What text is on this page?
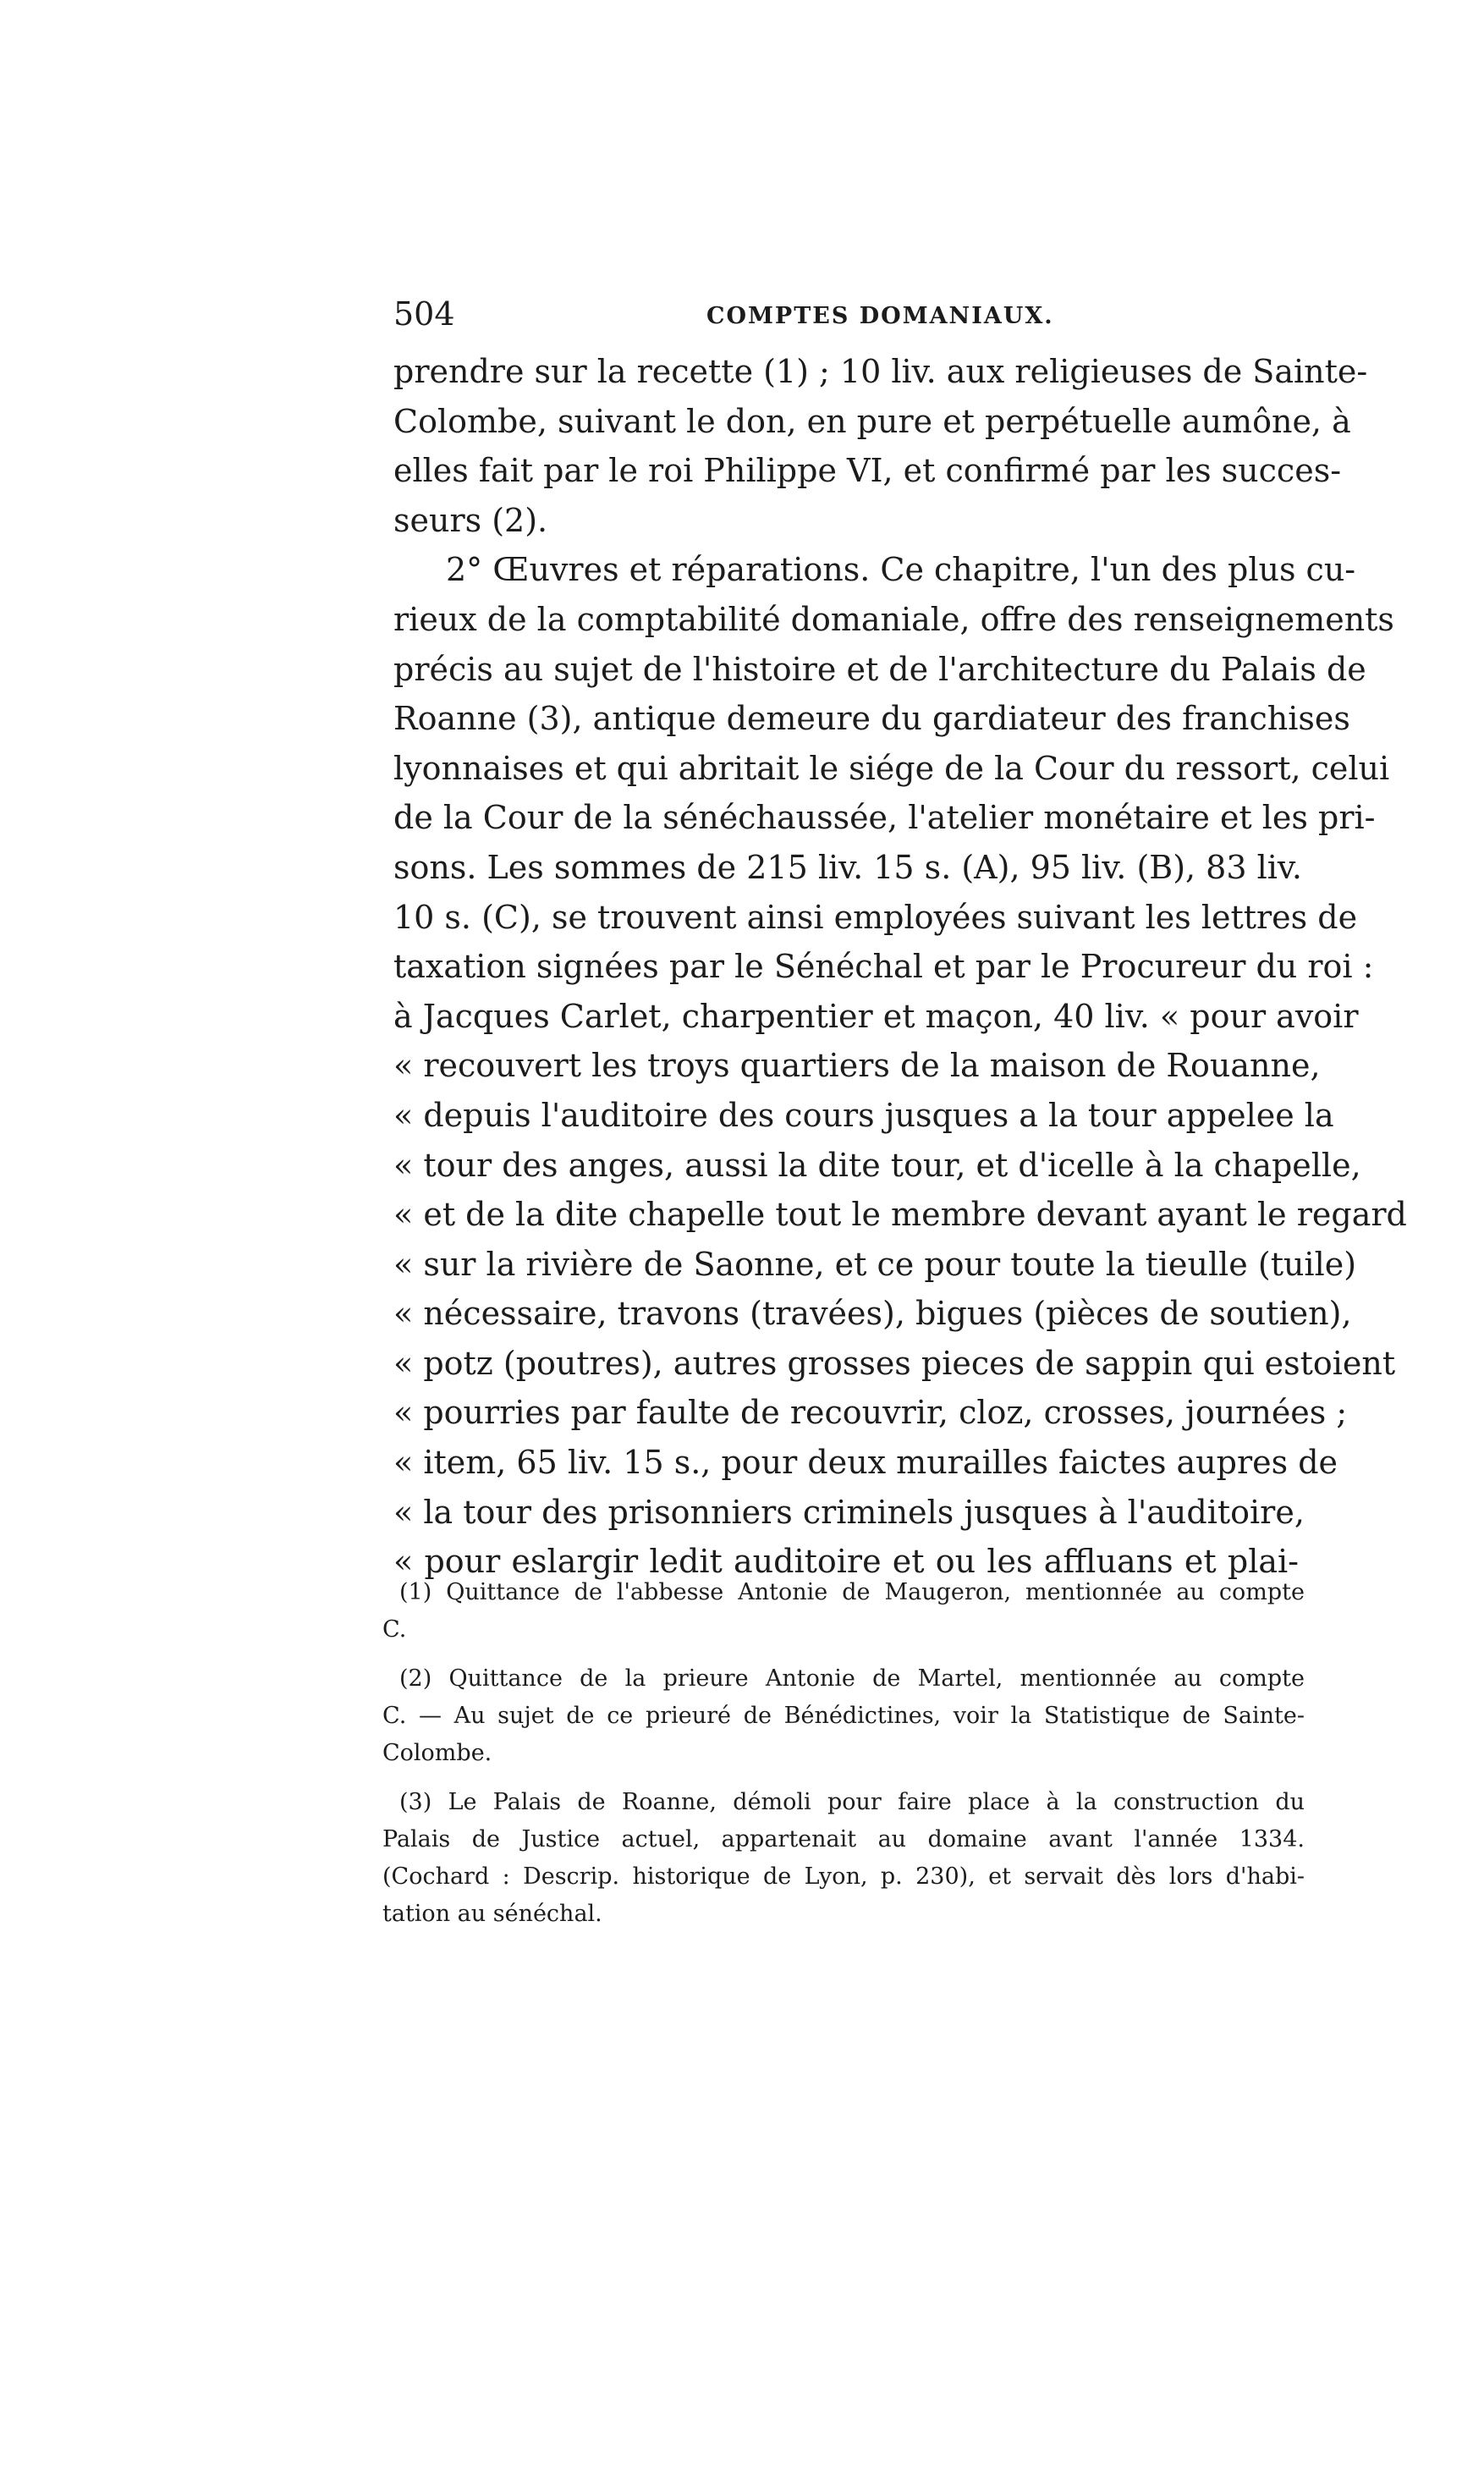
504	COMPTES DOMANIAUX.
prendre sur la recette (1) ; 10 liv. aux religieuses de Sainte-
Colombe, suivant le don, en pure et perpétuelle aumône, à
elles fait par le roi Philippe VI, et confirmé par les succes-
seurs (2).
2° Œuvres et réparations. Ce chapitre, l'un des plus cu-
rieux de la comptabilité domaniale, offre des renseignements
précis au sujet de l'histoire et de l'architecture du Palais de
Roanne (3), antique demeure du gardiateur des franchises
lyonnaises et qui abritait le siége de la Cour du ressort, celui
de la Cour de la sénéchaussée, l'atelier monétaire et les pri-
sons. Les sommes de 215 liv. 15 s. (A), 95 liv. (B), 83 liv.
10 s. (C), se trouvent ainsi employées suivant les lettres de
taxation signées par le Sénéchal et par le Procureur du roi :
à Jacques Carlet, charpentier et maçon, 40 liv. « pour avoir
« recouvert les troys quartiers de la maison de Rouanne,
« depuis l'auditoire des cours jusques a la tour appelee la
« tour des anges, aussi la dite tour, et d'icelle à la chapelle,
« et de la dite chapelle tout le membre devant ayant le regard
« sur la rivière de Saonne, et ce pour toute la tieulle (tuile)
« nécessaire, travons (travées), bigues (pièces de soutien),
« potz (poutres), autres grosses pieces de sappin qui estoient
« pourries par faulte de recouvrir, cloz, crosses, journées ;
« item, 65 liv. 15 s., pour deux murailles faictes aupres de
« la tour des prisonniers criminels jusques à l'auditoire,
« pour eslargir ledit auditoire et ou les affluans et plai-
(1) Quittance de l'abbesse Antonie de Maugeron, mentionnée au compte
C.
(2) Quittance de la prieure Antonie de Martel, mentionnée au compte
C. — Au sujet de ce prieuré de Bénédictines, voir la Statistique de Sainte-
Colombe.
(3) Le Palais de Roanne, démoli pour faire place à la construction du
Palais de Justice actuel, appartenait au domaine avant l'année 1334.
(Cochard : Descrip. historique de Lyon, p. 230), et servait dès lors d'habi-
tation au sénéchal.
